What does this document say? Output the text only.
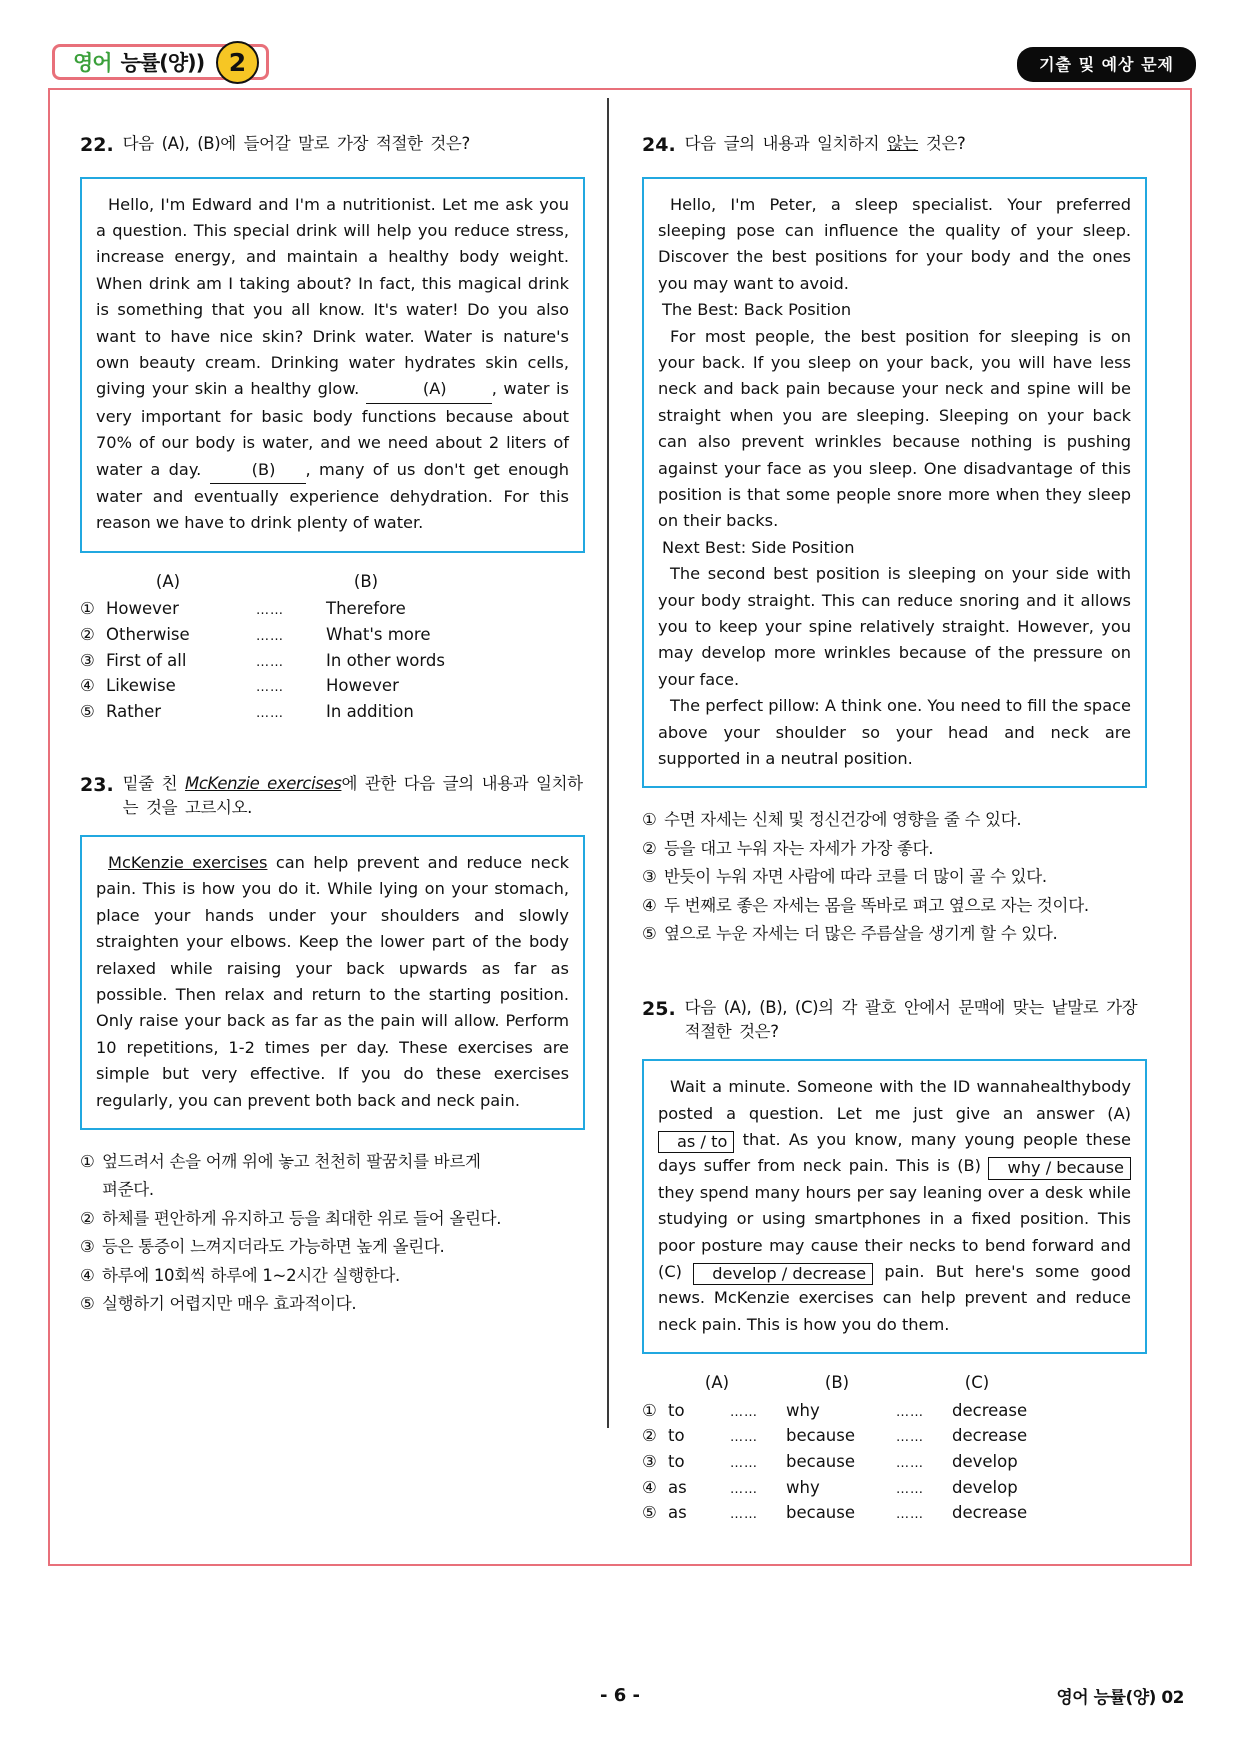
영어 능률(양)) 2	기출 및 예상 문제
22. 다음 (A), (B)에 들어갈 말로 가장 적절한 것은?

Hello, I'm Edward and I'm a nutritionist. Let me ask you a question. This special drink will help you reduce stress, increase energy, and maintain a healthy body weight. When drink am I taking about? In fact, this magical drink is something that you all know. It's water! Do you also want to have nice skin? Drink water. Water is nature's own beauty cream. Drinking water hydrates skin cells, giving your skin a healthy glow.	(A)	, water is very important for basic body functions because about 70% of our body is water, and we need about 2 liters of water a day.	(B) , many of us don't get enough water and eventually experience dehydration. For this reason we have to drink plenty of water.

(A)	(B)
① However	……	Therefore
② Otherwise	……	What's more
③ First of all	……	In other words
④ Likewise	……	However
⑤ Rather	……	In addition
23. 밑줄 친 McKenzie exercises에 관한 다음 글의 내용과 일치하는 것을 고르시오.

McKenzie exercises can help prevent and reduce neck pain. This is how you do it. While lying on your stomach, place your hands under your shoulders and slowly straighten your elbows. Keep the lower part of the body relaxed while raising your back upwards as far as possible. Then relax and return to the starting position. Only raise your back as far as the pain will allow. Perform 10 repetitions, 1-2 times per day. These exercises are simple but very effective. If you do these exercises regularly, you can prevent both back and neck pain.

① 엎드려서 손을 어깨 위에 놓고 천천히 팔꿈치를 바르게
펴준다.
② 하체를 편안하게 유지하고 등을 최대한 위로 들어 올린다.
③ 등은 통증이 느껴지더라도 가능하면 높게 올린다.
④ 하루에 10회씩 하루에 1~2시간 실행한다.
⑤ 실행하기 어렵지만 매우 효과적이다.
24. 다음 글의 내용과 일치하지 않는 것은?

Hello, I'm Peter, a sleep specialist. Your preferred sleeping pose can influence the quality of your sleep. Discover the best positions for your body and the ones you may want to avoid.

The Best: Back Position

For most people, the best position for sleeping is on your back. If you sleep on your back, you will have less neck and back pain because your neck and spine will be straight when you are sleeping. Sleeping on your back can also prevent wrinkles because nothing is pushing against your face as you sleep. One disadvantage of this position is that some people snore more when they sleep on their backs.

Next Best: Side Position

The second best position is sleeping on your side with your body straight. This can reduce snoring and it allows you to keep your spine relatively straight. However, you may develop more wrinkles because of the pressure on your face.

The perfect pillow: A think one. You need to fill the space above your shoulder so your head and neck are supported in a neutral position.

① 수면 자세는 신체 및 정신건강에 영향을 줄 수 있다.
② 등을 대고 누워 자는 자세가 가장 좋다.
③ 반듯이 누워 자면 사람에 따라 코를 더 많이 골 수 있다.
④ 두 번째로 좋은 자세는 몸을 똑바로 펴고 옆으로 자는 것이다.
⑤ 옆으로 누운 자세는 더 많은 주름살을 생기게 할 수 있다.
25. 다음 (A), (B), (C)의 각 괄호 안에서 문맥에 맞는 낱말로 가장 적절한 것은?

Wait a minute. Someone with the ID wannahealthybody posted a question. Let me just give an answer (A) as / to that. As you know, many young people these days suffer from neck pain. This is (B) why / because they spend many hours per say leaning over a desk while studying or using smartphones in a fixed position. This poor posture may cause their necks to bend forward and (C) develop / decrease pain. But here's some good news. McKenzie exercises can help prevent and reduce neck pain. This is how you do them.

(A)	(B)	(C)
① to	……	why	……	decrease
② to	……	because	……	decrease
③ to	……	because	……	develop
④ as	……	why	……	develop
⑤ as	……	because	……	decrease
- 6 -	영어 능률(양) 02
